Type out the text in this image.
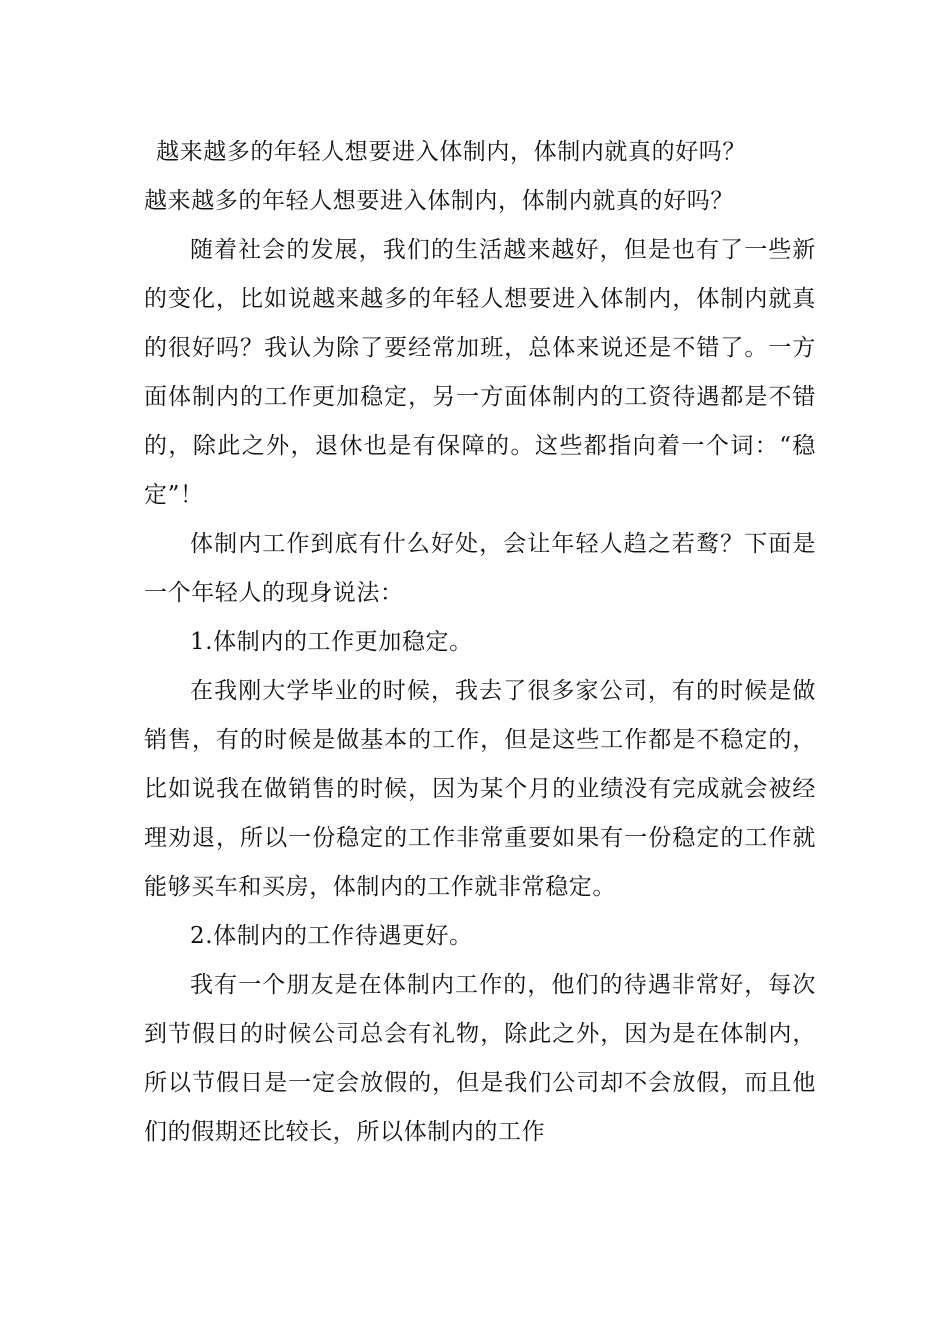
越来越多的年轻人想要进入体制内，体制内就真的好吗？
越来越多的年轻人想要进入体制内，体制内就真的好吗？

随着社会的发展，我们的生活越来越好，但是也有了一些新的变化，比如说越来越多的年轻人想要进入体制内，体制内就真的很好吗？我认为除了要经常加班，总体来说还是不错了。一方面体制内的工作更加稳定，另一方面体制内的工资待遇都是不错的，除此之外，退休也是有保障的。这些都指向着一个词：“稳定”！

体制内工作到底有什么好处，会让年轻人趋之若鹜？下面是一个年轻人的现身说法：

1.体制内的工作更加稳定。

在我刚大学毕业的时候，我去了很多家公司，有的时候是做销售，有的时候是做基本的工作，但是这些工作都是不稳定的，比如说我在做销售的时候，因为某个月的业绩没有完成就会被经理劝退，所以一份稳定的工作非常重要如果有一份稳定的工作就能够买车和买房，体制内的工作就非常稳定。

2.体制内的工作待遇更好。

我有一个朋友是在体制内工作的，他们的待遇非常好，每次到节假日的时候公司总会有礼物，除此之外，因为是在体制内，所以节假日是一定会放假的，但是我们公司却不会放假，而且他们的假期还比较长，所以体制内的工作
